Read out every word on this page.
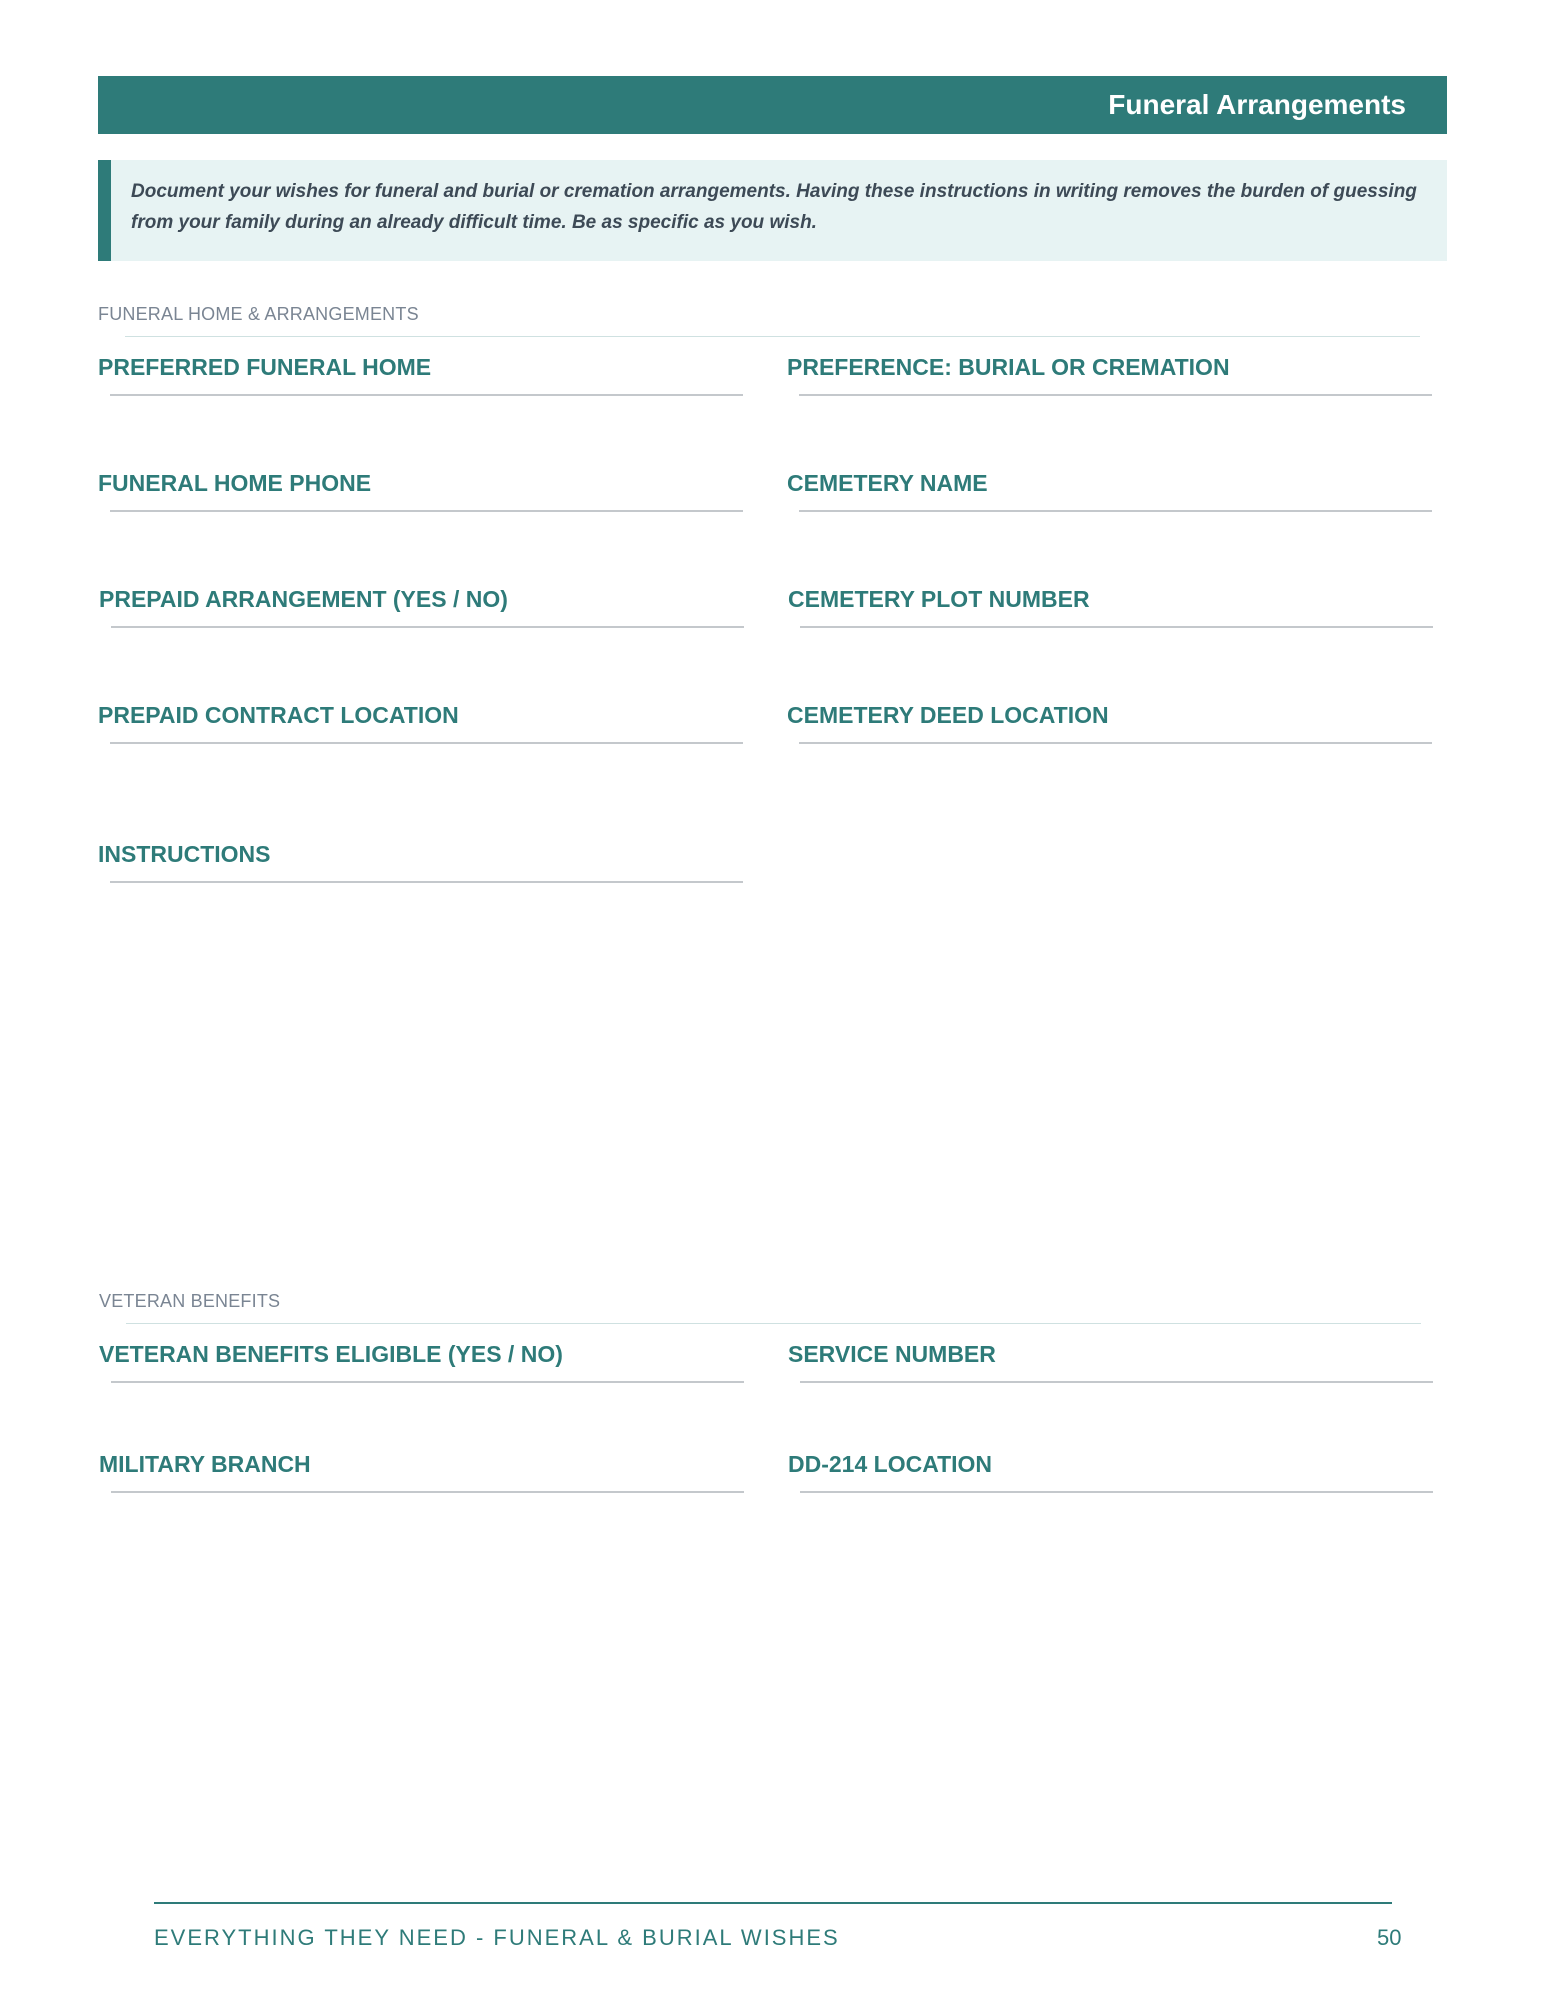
Funeral Arrangements
Document your wishes for funeral and burial or cremation arrangements. Having these instructions in writing removes the burden of guessing from your family during an already difficult time. Be as specific as you wish.
FUNERAL HOME & ARRANGEMENTS
PREFERRED FUNERAL HOME	PREFERENCE: BURIAL OR CREMATION
FUNERAL HOME PHONE	CEMETERY NAME
PREPAID ARRANGEMENT (YES / NO)	CEMETERY PLOT NUMBER
PREPAID CONTRACT LOCATION	CEMETERY DEED LOCATION
INSTRUCTIONS
VETERAN BENEFITS
VETERAN BENEFITS ELIGIBLE (YES / NO)	SERVICE NUMBER
MILITARY BRANCH	DD-214 LOCATION
EVERYTHING THEY NEED - FUNERAL & BURIAL WISHES	50
